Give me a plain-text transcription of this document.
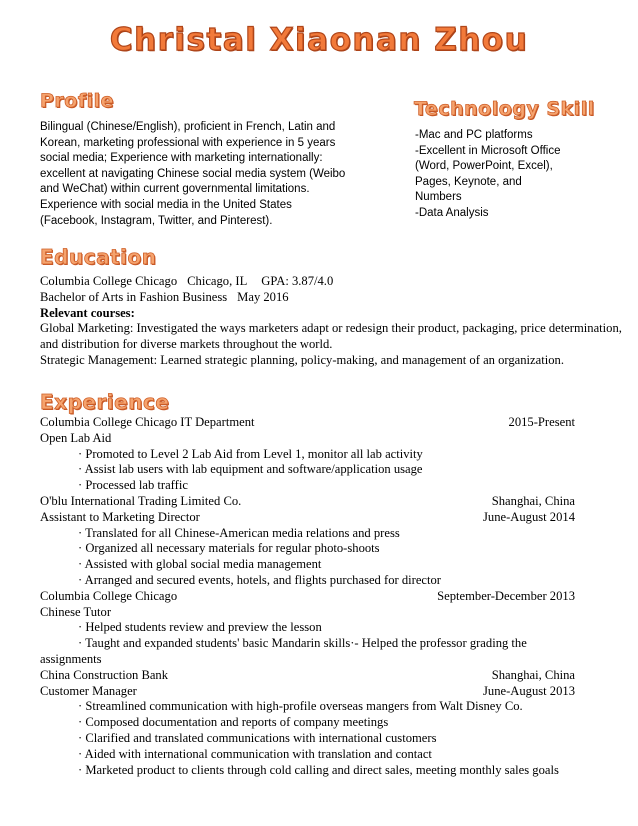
Christal Xiaonan Zhou
Profile
Bilingual (Chinese/English), proficient in French, Latin and
Korean, marketing professional with experience in 5 years
social media; Experience with marketing internationally:
excellent at navigating Chinese social media system (Weibo
and WeChat) within current governmental limitations.
Experience with social media in the United States
(Facebook, Instagram, Twitter, and Pinterest).
Technology Skill
-Mac and PC platforms
-Excellent in Microsoft Office
(Word, PowerPoint, Excel),
Pages, Keynote, and
Numbers
-Data Analysis
Education
Columbia College Chicago Chicago, IL GPA: 3.87/4.0
Bachelor of Arts in Fashion Business May 2016
Relevant courses:
Global Marketing: Investigated the ways marketers adapt or redesign their product, packaging, price determination,
and distribution for diverse markets throughout the world.
Strategic Management: Learned strategic planning, policy-making, and management of an organization.
Experience
Columbia College Chicago IT Department	2015-Present
Open Lab Aid
· Promoted to Level 2 Lab Aid from Level 1, monitor all lab activity
· Assist lab users with lab equipment and software/application usage
· Processed lab traffic
O'blu International Trading Limited Co.	Shanghai, China
Assistant to Marketing Director	June-August 2014
· Translated for all Chinese-American media relations and press
· Organized all necessary materials for regular photo-shoots
· Assisted with global social media management
· Arranged and secured events, hotels, and flights purchased for director
Columbia College Chicago	September-December 2013
Chinese Tutor
· Helped students review and preview the lesson
· Taught and expanded students' basic Mandarin skills·- Helped the professor grading the
assignments
China Construction Bank	Shanghai, China
Customer Manager	June-August 2013
· Streamlined communication with high-profile overseas mangers from Walt Disney Co.
· Composed documentation and reports of company meetings
· Clarified and translated communications with international customers
· Aided with international communication with translation and contact
· Marketed product to clients through cold calling and direct sales, meeting monthly sales goals
